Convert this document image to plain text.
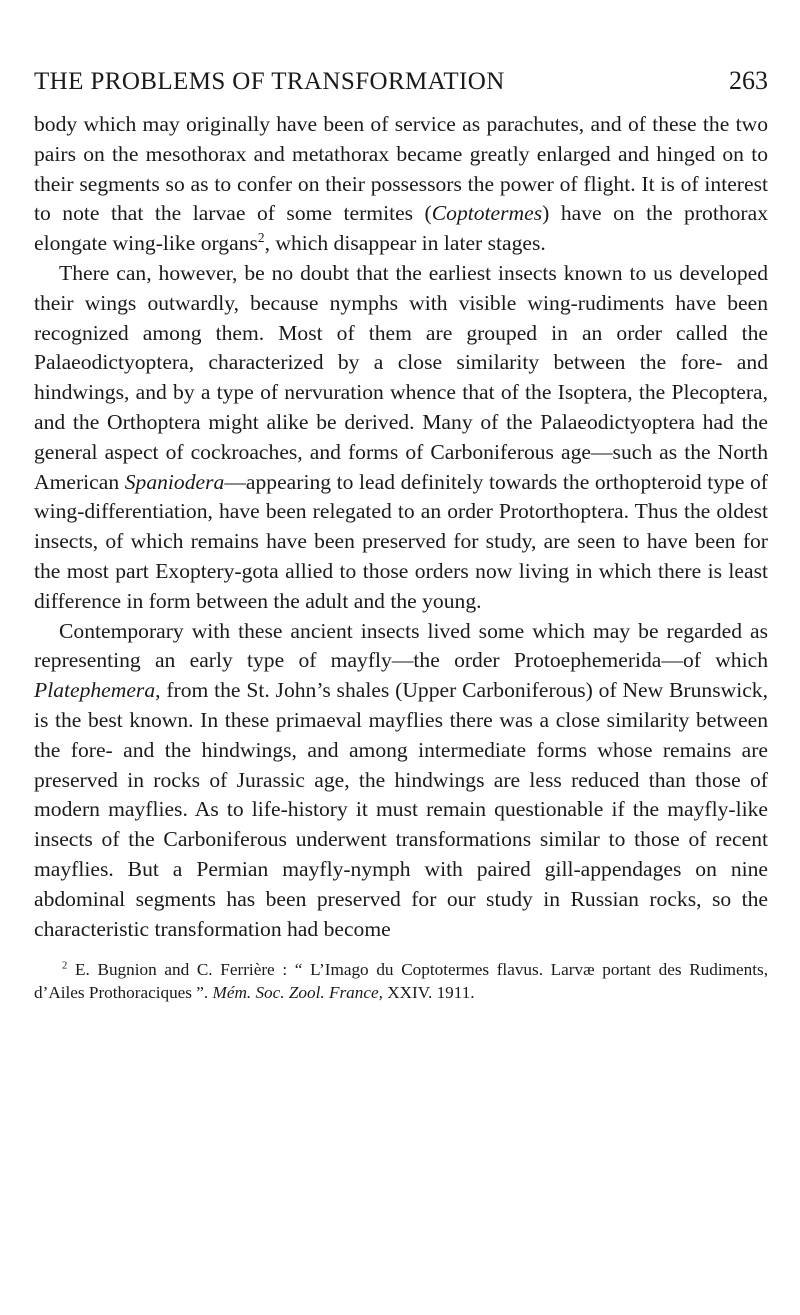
THE PROBLEMS OF TRANSFORMATION	263

body which may originally have been of service as parachutes, and of these the two pairs on the mesothorax and metathorax became greatly enlarged and hinged on to their segments so as to confer on their possessors the power of flight. It is of interest to note that the larvae of some termites (Coptotermes) have on the prothorax elongate wing-like organs$^2$, which disappear in later stages.

There can, however, be no doubt that the earliest insects known to us developed their wings outwardly, because nymphs with visible wing-rudiments have been recognized among them. Most of them are grouped in an order called the Palaeodictyoptera, characterized by a close similarity between the fore- and hindwings, and by a type of nervuration whence that of the Isoptera, the Plecoptera, and the Orthoptera might alike be derived. Many of the Palaeodictyoptera had the general aspect of cockroaches, and forms of Carboniferous age—such as the North American Spaniodera—appearing to lead definitely towards the orthopteroid type of wing-differentiation, have been relegated to an order Protorthoptera. Thus the oldest insects, of which remains have been preserved for study, are seen to have been for the most part Exoptery-gota allied to those orders now living in which there is least difference in form between the adult and the young.

Contemporary with these ancient insects lived some which may be regarded as representing an early type of mayfly—the order Protoephemerida—of which Platephemera, from the St. John’s shales (Upper Carboniferous) of New Brunswick, is the best known. In these primaeval mayflies there was a close similarity between the fore- and the hindwings, and among intermediate forms whose remains are preserved in rocks of Jurassic age, the hindwings are less reduced than those of modern mayflies. As to life-history it must remain questionable if the mayfly-like insects of the Carboniferous underwent transformations similar to those of recent mayflies. But a Permian mayfly-nymph with paired gill-appendages on nine abdominal segments has been preserved for our study in Russian rocks, so the characteristic transformation had become

$^2$ E. Bugnion and C. Ferrière : “ L’Imago du Coptotermes flavus. Larvæ portant des Rudiments, d’Ailes Prothoraciques ”. Mém. Soc. Zool. France, XXIV. 1911.
